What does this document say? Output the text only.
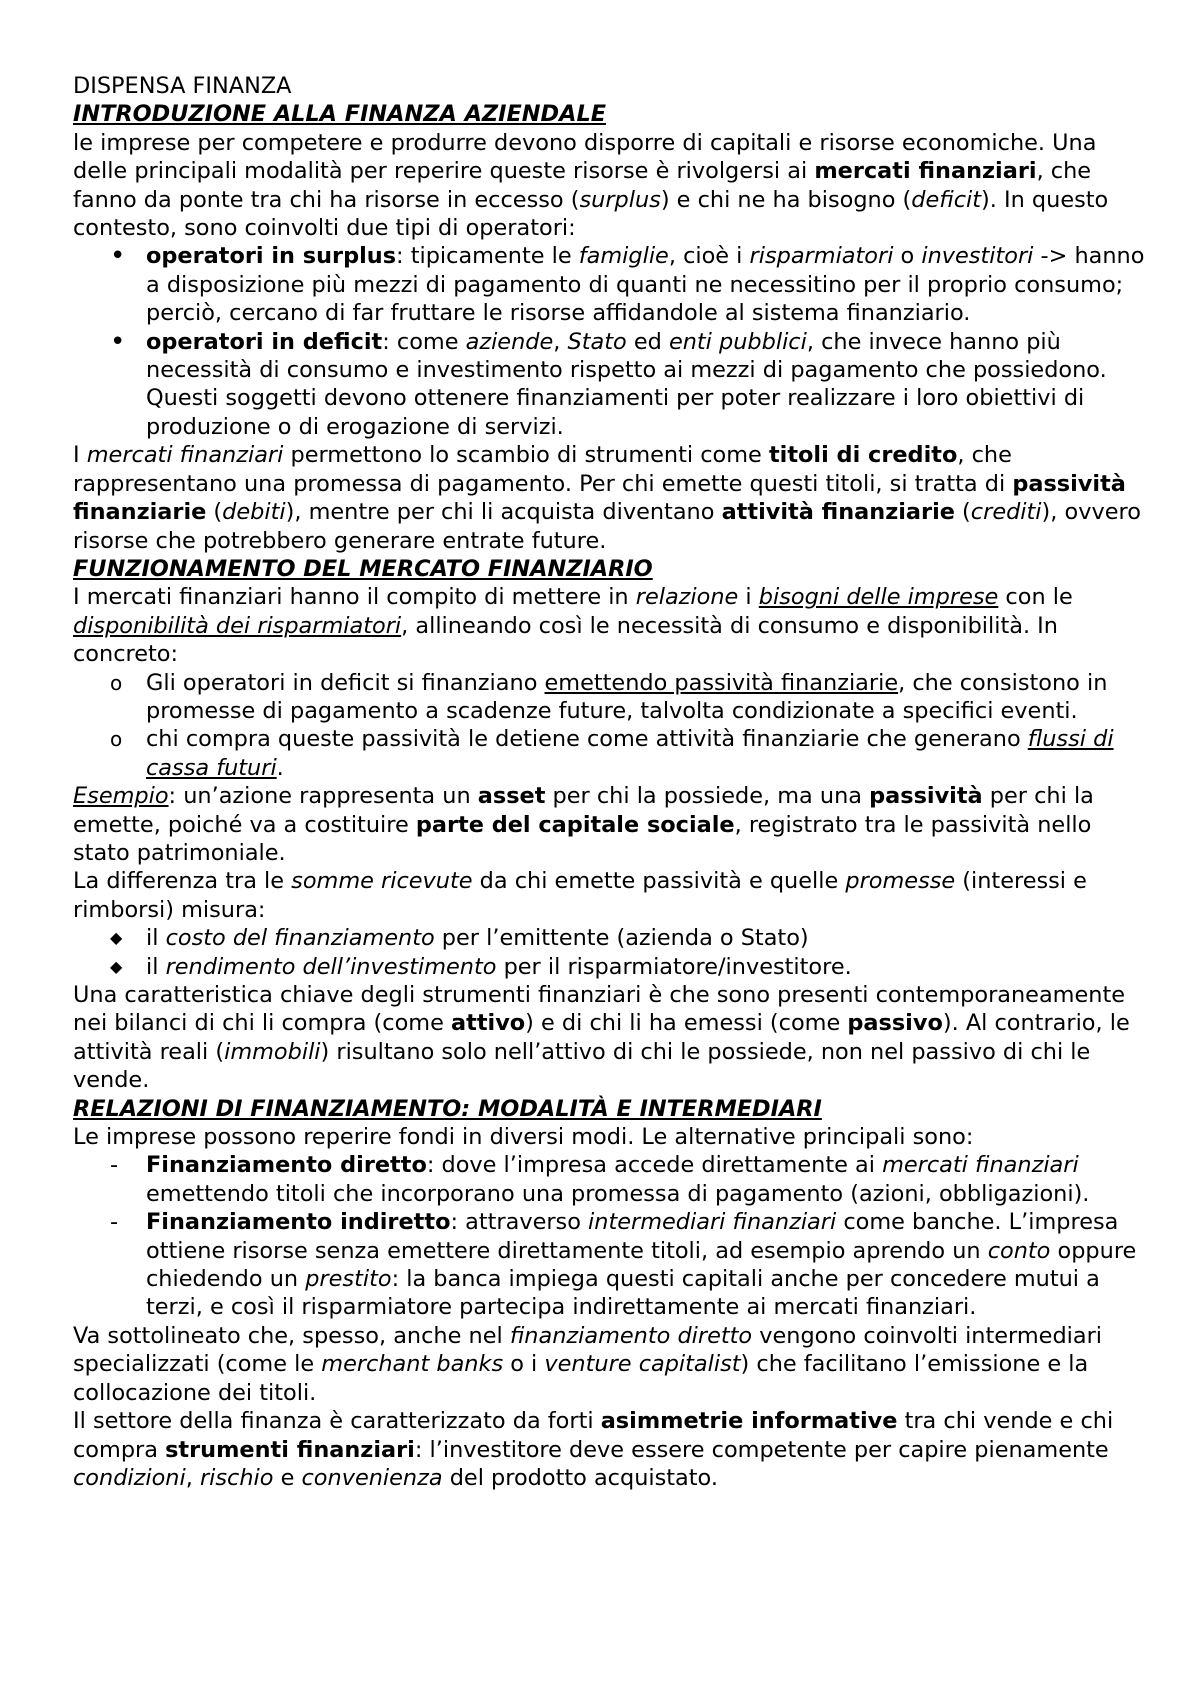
DISPENSA FINANZA

INTRODUZIONE ALLA FINANZA AZIENDALE

le imprese per competere e produrre devono disporre di capitali e risorse economiche. Una delle principali modalità per reperire queste risorse è rivolgersi ai mercati finanziari, che fanno da ponte tra chi ha risorse in eccesso (surplus) e chi ne ha bisogno (deficit). In questo contesto, sono coinvolti due tipi di operatori:

• operatori in surplus: tipicamente le famiglie, cioè i risparmiatori o investitori -> hanno a disposizione più mezzi di pagamento di quanti ne necessitino per il proprio consumo; perciò, cercano di far fruttare le risorse affidandole al sistema finanziario.
• operatori in deficit: come aziende, Stato ed enti pubblici, che invece hanno più necessità di consumo e investimento rispetto ai mezzi di pagamento che possiedono. Questi soggetti devono ottenere finanziamenti per poter realizzare i loro obiettivi di produzione o di erogazione di servizi.

I mercati finanziari permettono lo scambio di strumenti come titoli di credito, che rappresentano una promessa di pagamento. Per chi emette questi titoli, si tratta di passività finanziarie (debiti), mentre per chi li acquista diventano attività finanziarie (crediti), ovvero risorse che potrebbero generare entrate future.

FUNZIONAMENTO DEL MERCATO FINANZIARIO

I mercati finanziari hanno il compito di mettere in relazione i bisogni delle imprese con le disponibilità dei risparmiatori, allineando così le necessità di consumo e disponibilità. In concreto:

o Gli operatori in deficit si finanziano emettendo passività finanziarie, che consistono in promesse di pagamento a scadenze future, talvolta condizionate a specifici eventi.
o chi compra queste passività le detiene come attività finanziarie che generano flussi di cassa futuri.

Esempio: un’azione rappresenta un asset per chi la possiede, ma una passività per chi la emette, poiché va a costituire parte del capitale sociale, registrato tra le passività nello stato patrimoniale.

La differenza tra le somme ricevute da chi emette passività e quelle promesse (interessi e rimborsi) misura:

◆ il costo del finanziamento per l’emittente (azienda o Stato)
◆ il rendimento dell’investimento per il risparmiatore/investitore.

Una caratteristica chiave degli strumenti finanziari è che sono presenti contemporaneamente nei bilanci di chi li compra (come attivo) e di chi li ha emessi (come passivo). Al contrario, le attività reali (immobili) risultano solo nell’attivo di chi le possiede, non nel passivo di chi le vende.

RELAZIONI DI FINANZIAMENTO: MODALITÀ E INTERMEDIARI

Le imprese possono reperire fondi in diversi modi. Le alternative principali sono:

- Finanziamento diretto: dove l’impresa accede direttamente ai mercati finanziari emettendo titoli che incorporano una promessa di pagamento (azioni, obbligazioni).
- Finanziamento indiretto: attraverso intermediari finanziari come banche. L’impresa ottiene risorse senza emettere direttamente titoli, ad esempio aprendo un conto oppure chiedendo un prestito: la banca impiega questi capitali anche per concedere mutui a terzi, e così il risparmiatore partecipa indirettamente ai mercati finanziari.

Va sottolineato che, spesso, anche nel finanziamento diretto vengono coinvolti intermediari specializzati (come le merchant banks o i venture capitalist) che facilitano l’emissione e la collocazione dei titoli.

Il settore della finanza è caratterizzato da forti asimmetrie informative tra chi vende e chi compra strumenti finanziari: l’investitore deve essere competente per capire pienamente condizioni, rischio e convenienza del prodotto acquistato.
